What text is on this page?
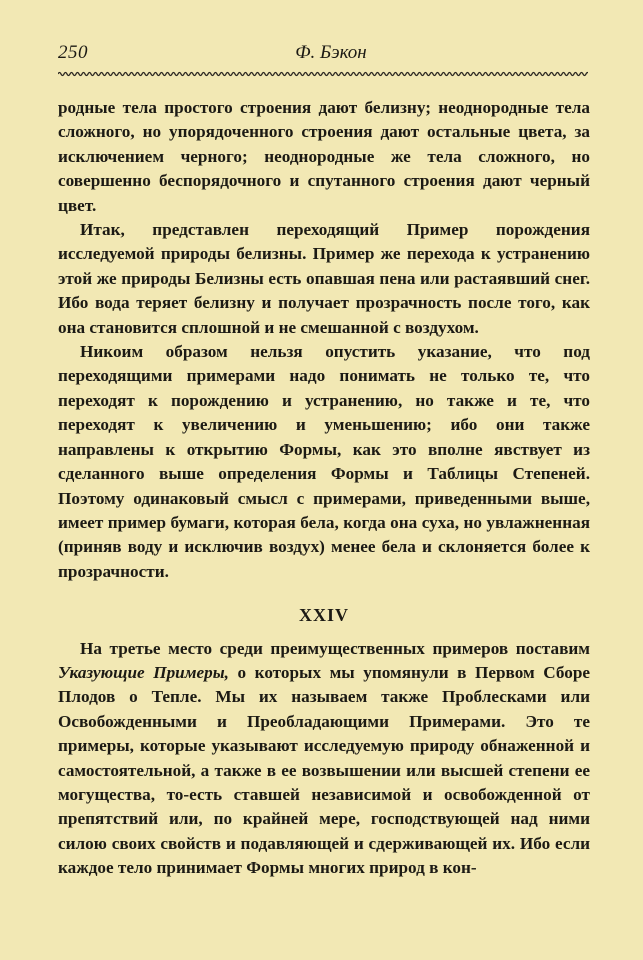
250	Ф. Бэкон

родные тела простого строения дают белизну; неоднородные тела сложного, но упорядоченного строения дают остальные цвета, за исключением черного; неоднородные же тела сложного, но совершенно беспорядочного и спутанного строения дают черный цвет.

Итак, представлен переходящий Пример порождения исследуемой природы белизны. Пример же перехода к устранению этой же природы Белизны есть опавшая пена или растаявший снег. Ибо вода теряет белизну и получает прозрачность после того, как она становится сплошной и не смешанной с воздухом.

Никоим образом нельзя опустить указание, что под переходящими примерами надо понимать не только те, что переходят к порождению и устранению, но также и те, что переходят к увеличению и уменьшению; ибо они также направлены к открытию Формы, как это вполне явствует из сделанного выше определения Формы и Таблицы Степеней. Поэтому одинаковый смысл с примерами, приведенными выше, имеет пример бумаги, которая бела, когда она суха, но увлажненная (приняв воду и исключив воздух) менее бела и склоняется более к прозрачности.

XXIV

На третье место среди преимущественных примеров поставим Указующие Примеры, о которых мы упомянули в Первом Сборе Плодов о Тепле. Мы их называем также Проблесками или Освобожденными и Преобладающими Примерами. Это те примеры, которые указывают исследуемую природу обнаженной и самостоятельной, а также в ее возвышении или высшей степени ее могущества, то-есть ставшей независимой и освобожденной от препятствий или, по крайней мере, господствующей над ними силою своих свойств и подавляющей и сдерживающей их. Ибо если каждое тело принимает Формы многих природ в кон-
